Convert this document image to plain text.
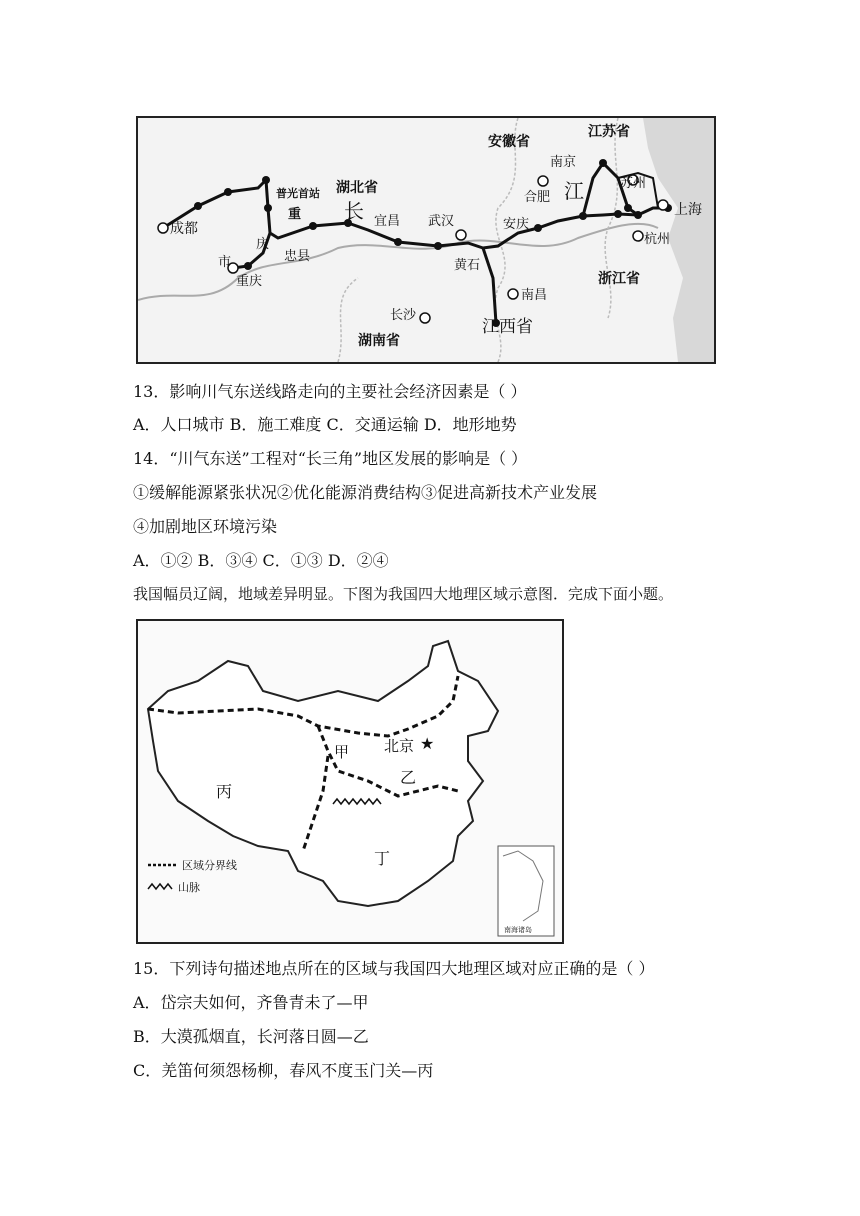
安徽省
江苏省
南京
合肥 江	苏州
上海
杭州
浙江省
成都
普光首站 湖北省
重 长 宜昌 武汉	安庆
庆
忠县
市
重庆
黄石
南昌
长沙
江西省
湖南省
13．影响川气东送线路走向的主要社会经济因素是（ ）
A．人口城市 B．施工难度 C．交通运输 D．地形地势
14．“川气东送”工程对“长三角”地区发展的影响是（ ）
①缓解能源紧张状况②优化能源消费结构③促进高新技术产业发展
④加剧地区环境污染
A．①② B．③④ C．①③ D．②④
我国幅员辽阔，地域差异明显。下图为我国四大地理区域示意图．完成下面小题。
★
南海诸岛
区域分界线
山脉
甲 北京
乙
丙
丁
15．下列诗句描述地点所在的区域与我国四大地理区域对应正确的是（ ）
A．岱宗夫如何，齐鲁青未了—甲
B．大漠孤烟直，长河落日圆—乙
C．羌笛何须怨杨柳，春风不度玉门关—丙
